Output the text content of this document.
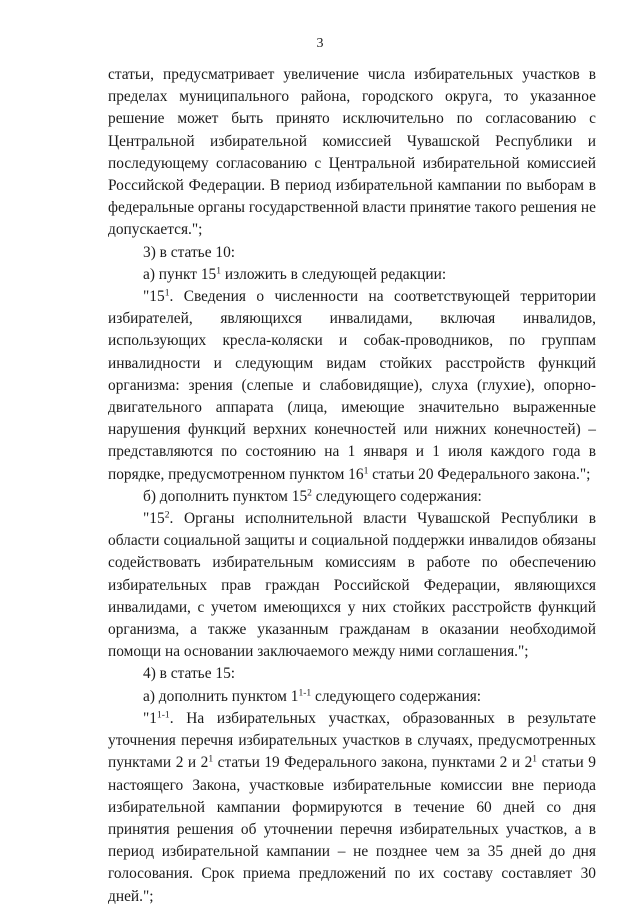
3

статьи, предусматривает увеличение числа избирательных участков в пределах муниципального района, городского округа, то указанное решение может быть принято исключительно по согласованию с Центральной избирательной комиссией Чувашской Республики и последующему согласованию с Центральной избирательной комиссией Российской Федерации. В период избирательной кампании по выборам в федеральные органы государственной власти принятие такого решения не допускается.";

3) в статье 10:

а) пункт $15^1$ изложить в следующей редакции:

"$15^1$. Сведения о численности на соответствующей территории избирателей, являющихся инвалидами, включая инвалидов, использующих кресла-коляски и собак-проводников, по группам инвалидности и следующим видам стойких расстройств функций организма: зрения (слепые и слабовидящие), слуха (глухие), опорно-двигательного аппарата (лица, имеющие значительно выраженные нарушения функций верхних конечностей или нижних конечностей) – представляются по состоянию на 1 января и 1 июля каждого года в порядке, предусмотренном пунктом $16^1$ статьи 20 Федерального закона.";

б) дополнить пунктом $15^2$ следующего содержания:

"$15^2$. Органы исполнительной власти Чувашской Республики в области социальной защиты и социальной поддержки инвалидов обязаны содействовать избирательным комиссиям в работе по обеспечению избирательных прав граждан Российской Федерации, являющихся инвалидами, с учетом имеющихся у них стойких расстройств функций организма, а также указанным гражданам в оказании необходимой помощи на основании заключаемого между ними соглашения.";

4) в статье 15:

а) дополнить пунктом 1$^{1-1}$ следующего содержания:

"1$^{1-1}$. На избирательных участках, образованных в результате уточнения перечня избирательных участков в случаях, предусмотренных пунктами 2 и $2^1$ статьи 19 Федерального закона, пунктами 2 и $2^1$ статьи 9 настоящего Закона, участковые избирательные комиссии вне периода избирательной кампании формируются в течение 60 дней со дня принятия решения об уточнении перечня избирательных участков, а в период избирательной кампании – не позднее чем за 35 дней до дня голосования. Срок приема предложений по их составу составляет 30 дней.";
